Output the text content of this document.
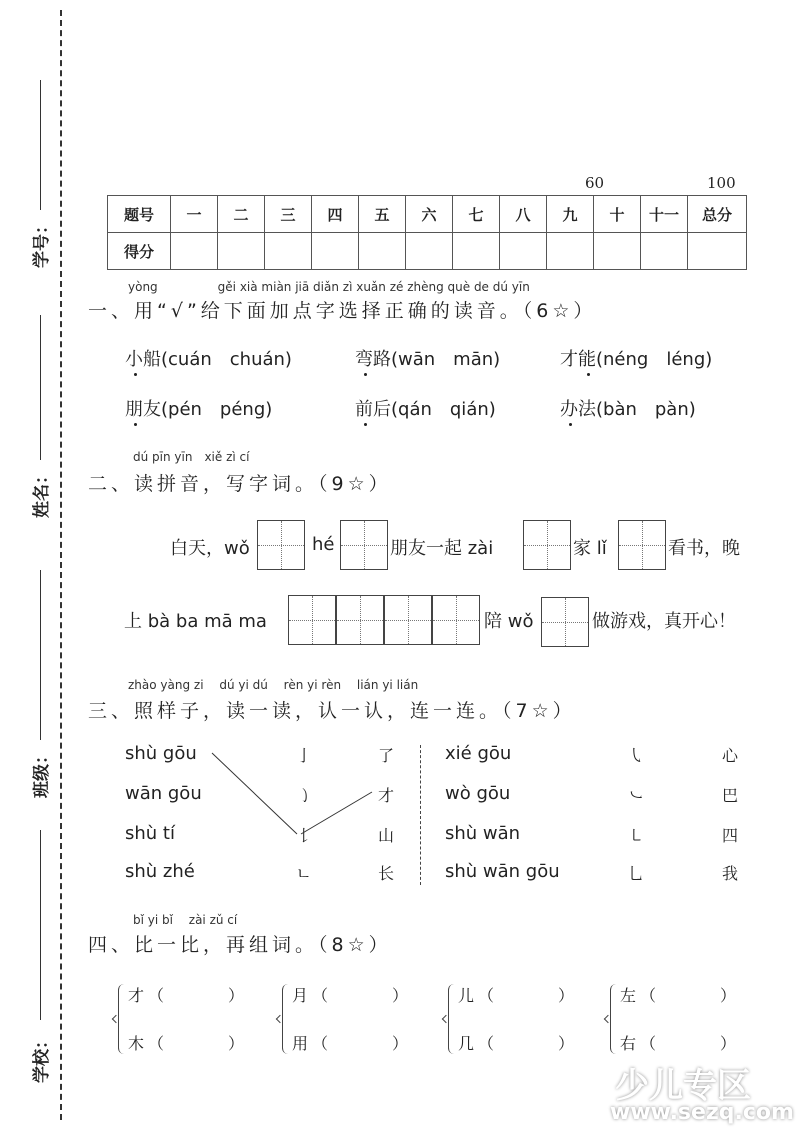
学号：
姓名：
班级：
学校：
60	100
题号	一	二	三	四	五	六	七	八	九	十	十一	总分
得分												
yòng　　　　　gěi xià miàn jiā diǎn zì xuǎn zé zhèng què de dú yīn
一、用“√”给下面加点字选择正确的读音。（6☆）
小船(cuán　chuán)	弯路(wān　mān)	才能(néng　léng)
朋友(pén　péng)	前后(qán　qián)	办法(bàn　pàn)
dú pīn yīn　xiě zì cí
二、读拼音，写字词。（9☆）
白天，wǒ	hé	朋友一起 zài	家 lǐ	看书，晚
上 bà ba mā ma	陪 wǒ	做游戏，真开心！
zhào yàng zi　 dú yi dú　 rèn yi rèn　 lián yi lián
三、照样子，读一读，认一认，连一连。（7☆）
shù gōu	亅	了
wān gōu	㇁	才
shù tí	𠄌	山
shù zhé	ㄴ	长
xié gōu	㇂	心
wò gōu	㇃	巴
shù wān	㇄	四
shù wān gōu	乚	我
bǐ yi bǐ　 zài zǔ cí
四、比一比，再组词。（8☆）
才（　　　）
木（　　　）
月（　　　）
用（　　　）
儿（　　　）
几（　　　）
左（　　　）
右（　　　）
少儿专区
www.sezq.com
